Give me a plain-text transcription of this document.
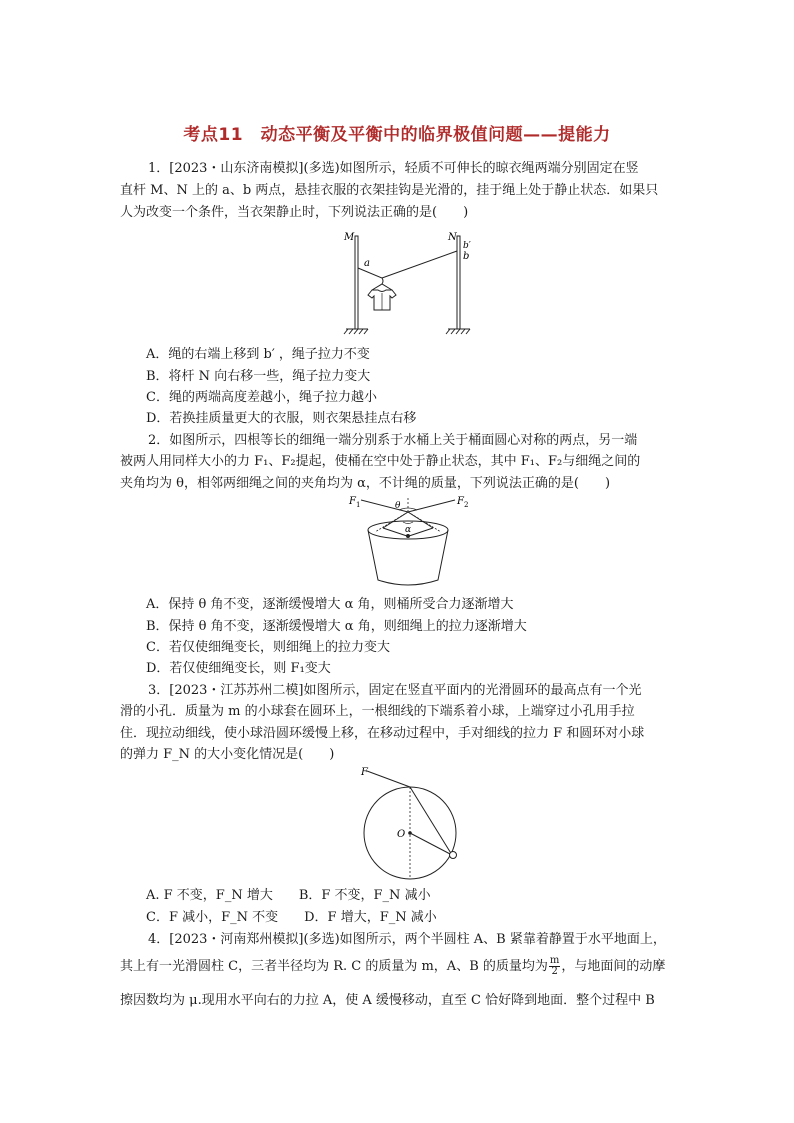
考点11　动态平衡及平衡中的临界极值问题——提能力
1．[2023・山东济南模拟](多选)如图所示，轻质不可伸长的晾衣绳两端分别固定在竖
直杆 M、N 上的 a、b 两点，悬挂衣服的衣架挂钩是光滑的，挂于绳上处于静止状态．如果只
人为改变一个条件，当衣架静止时，下列说法正确的是(　　)
M	N
a
b′
b
A．绳的右端上移到 b′ ，绳子拉力不变
B．将杆 N 向右移一些，绳子拉力变大
C．绳的两端高度差越小，绳子拉力越小
D．若换挂质量更大的衣服，则衣架悬挂点右移
2．如图所示，四根等长的细绳一端分别系于水桶上关于桶面圆心对称的两点，另一端
被两人用同样大小的力 F₁、F₂提起，使桶在空中处于静止状态，其中 F₁、F₂与细绳之间的
夹角均为 θ，相邻两细绳之间的夹角均为 α，不计绳的质量，下列说法正确的是(　　)
F 1	F 2
θ
α
A．保持 θ 角不变，逐渐缓慢增大 α 角，则桶所受合力逐渐增大
B．保持 θ 角不变，逐渐缓慢增大 α 角，则细绳上的拉力逐渐增大
C．若仅使细绳变长，则细绳上的拉力变大
D．若仅使细绳变长，则 F₁变大
3．[2023・江苏苏州二模]如图所示，固定在竖直平面内的光滑圆环的最高点有一个光
滑的小孔．质量为 m 的小球套在圆环上，一根细线的下端系着小球，上端穿过小孔用手拉
住．现拉动细线，使小球沿圆环缓慢上移，在移动过程中，手对细线的拉力 F 和圆环对小球
的弹力 F_N 的大小变化情况是(　　)
F
O
A. F 不变，F_N 增大　　B．F 不变，F_N 减小
C．F 减小，F_N 不变　　D．F 增大，F_N 减小
4．[2023・河南郑州模拟](多选)如图所示，两个半圆柱 A、B 紧靠着静置于水平地面上，
其上有一光滑圆柱 C，三者半径均为 R. C 的质量为 m，A、B 的质量均为 $\frac{m}{2}$ ，与地面间的动摩
擦因数均为 μ.现用水平向右的力拉 A，使 A 缓慢移动，直至 C 恰好降到地面．整个过程中 B
